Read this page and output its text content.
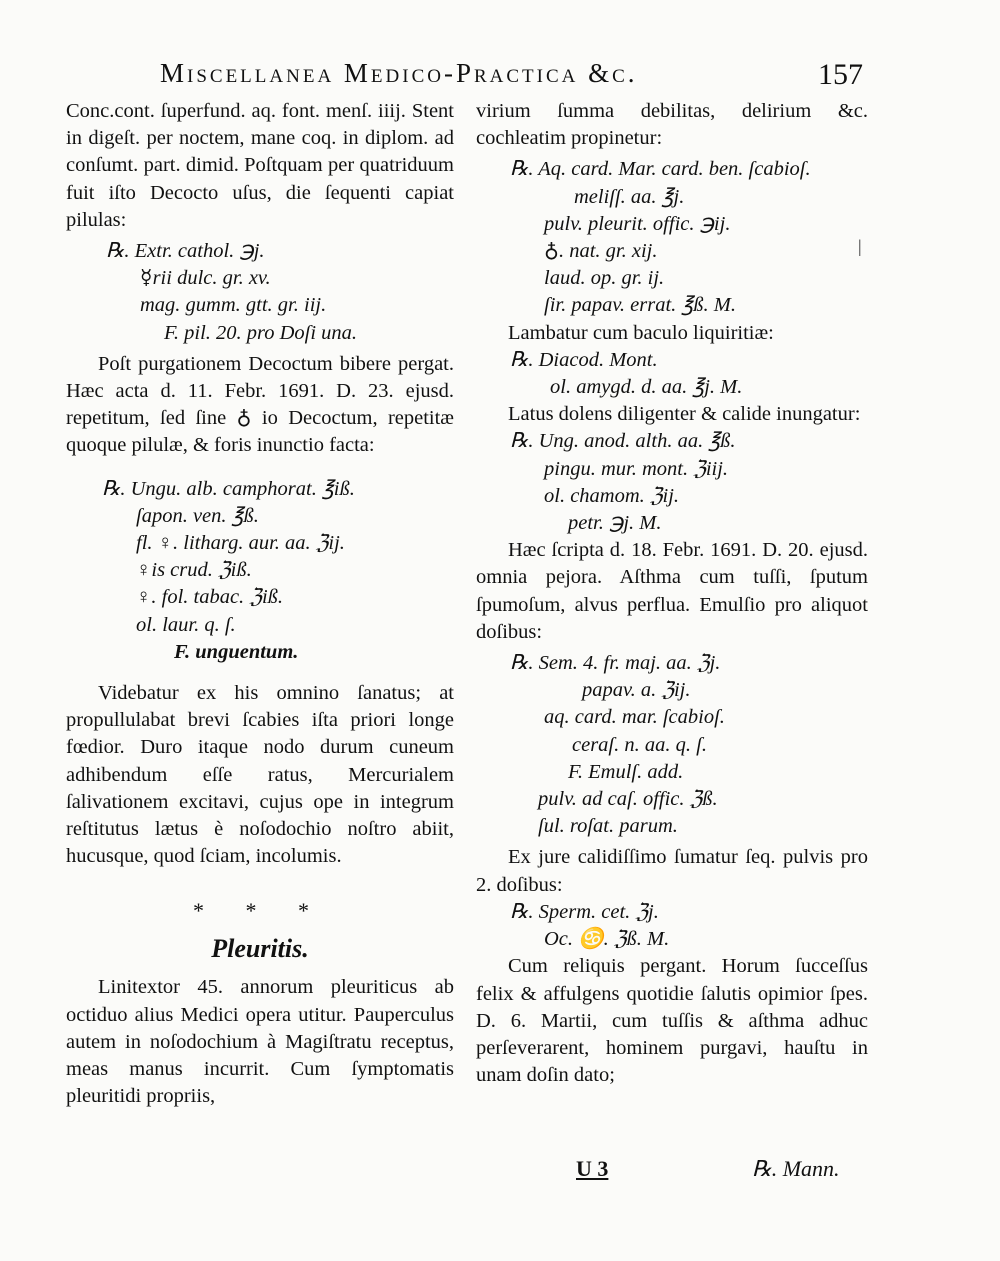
Miscellanea Medico-Practica &c.	157

Conc.cont. ſuperfund. aq. font. menſ. iiij. Stent in digeſt. per noctem, mane coq. in diplom. ad conſumt. part. dimid. Poſtquam per quatriduum fuit iſto Decocto uſus, die ſequenti capiat pilulas:

℞. Extr. cathol. ℈j.
☿rii dulc. gr. xv.
mag. gumm. gtt. gr. iij.
F. pil. 20. pro Doſi una.

Poſt purgationem Decoctum bibere pergat. Hæc acta d. 11. Febr. 1691. D. 23. ejusd. repetitum, ſed ſine ♁ io Decoctum, repetitæ quoque pilulæ, & foris inunctio facta:

℞. Ungu. alb. camphorat. ℥iß.
ſapon. ven. ℥ß.
fl. ♀. litharg. aur. aa. ℨij.
♀is crud. ℨiß.
♀. fol. tabac. ℨiß.
ol. laur. q. ſ.
F. unguentum.

Videbatur ex his omnino ſanatus; at propullulabat brevi ſcabies iſta priori longe fœdior. Duro itaque nodo durum cuneum adhibendum eſſe ratus, Mercurialem ſalivationem excitavi, cujus ope in integrum reſtitutus lætus è noſodochio noſtro abiit, hucusque, quod ſciam, incolumis.

* * *
Pleuritis.

Linitextor 45. annorum pleuriticus ab octiduo alius Medici opera utitur. Pauperculus autem in noſodochium à Magiſtratu receptus, meas manus incurrit. Cum ſymptomatis pleuritidi propriis,

virium ſumma debilitas, delirium &c. cochleatim propinetur:

℞. Aq. card. Mar. card. ben. ſcabioſ.
meliſſ. aa. ℥j.
pulv. pleurit. offic. ℈ij.
♁. nat. gr. xij.
laud. op. gr. ij.
ſir. papav. errat. ℥ß. M.

Lambatur cum baculo liquiritiæ:

℞. Diacod. Mont.
ol. amygd. d. aa. ℥j. M.

Latus dolens diligenter & calide inungatur:

℞. Ung. anod. alth. aa. ℥ß.
pingu. mur. mont. ℨiij.
ol. chamom. ℨij.
petr. ℈j. M.

Hæc ſcripta d. 18. Febr. 1691. D. 20. ejusd. omnia pejora. Aſthma cum tuſſi, ſputum ſpumoſum, alvus perflua. Emulſio pro aliquot doſibus:

℞. Sem. 4. fr. maj. aa. ℨj.
papav. a. ℨij.
aq. card. mar. ſcabioſ.
ceraſ. n. aa. q. ſ.
F. Emulſ. add.
pulv. ad caſ. offic. ℨß.
ſul. roſat. parum.

Ex jure calidiſſimo ſumatur ſeq. pulvis pro 2. doſibus:

℞. Sperm. cet. ℨj.
Oc. ♋. ℨß. M.

Cum reliquis pergant. Horum ſucceſſus felix & affulgens quotidie ſalutis opimior ſpes. D. 6. Martii, cum tuſſis & aſthma adhuc perſeverarent, hominem purgavi, hauſtu in unam doſin dato;

U 3	℞. Mann.
|
